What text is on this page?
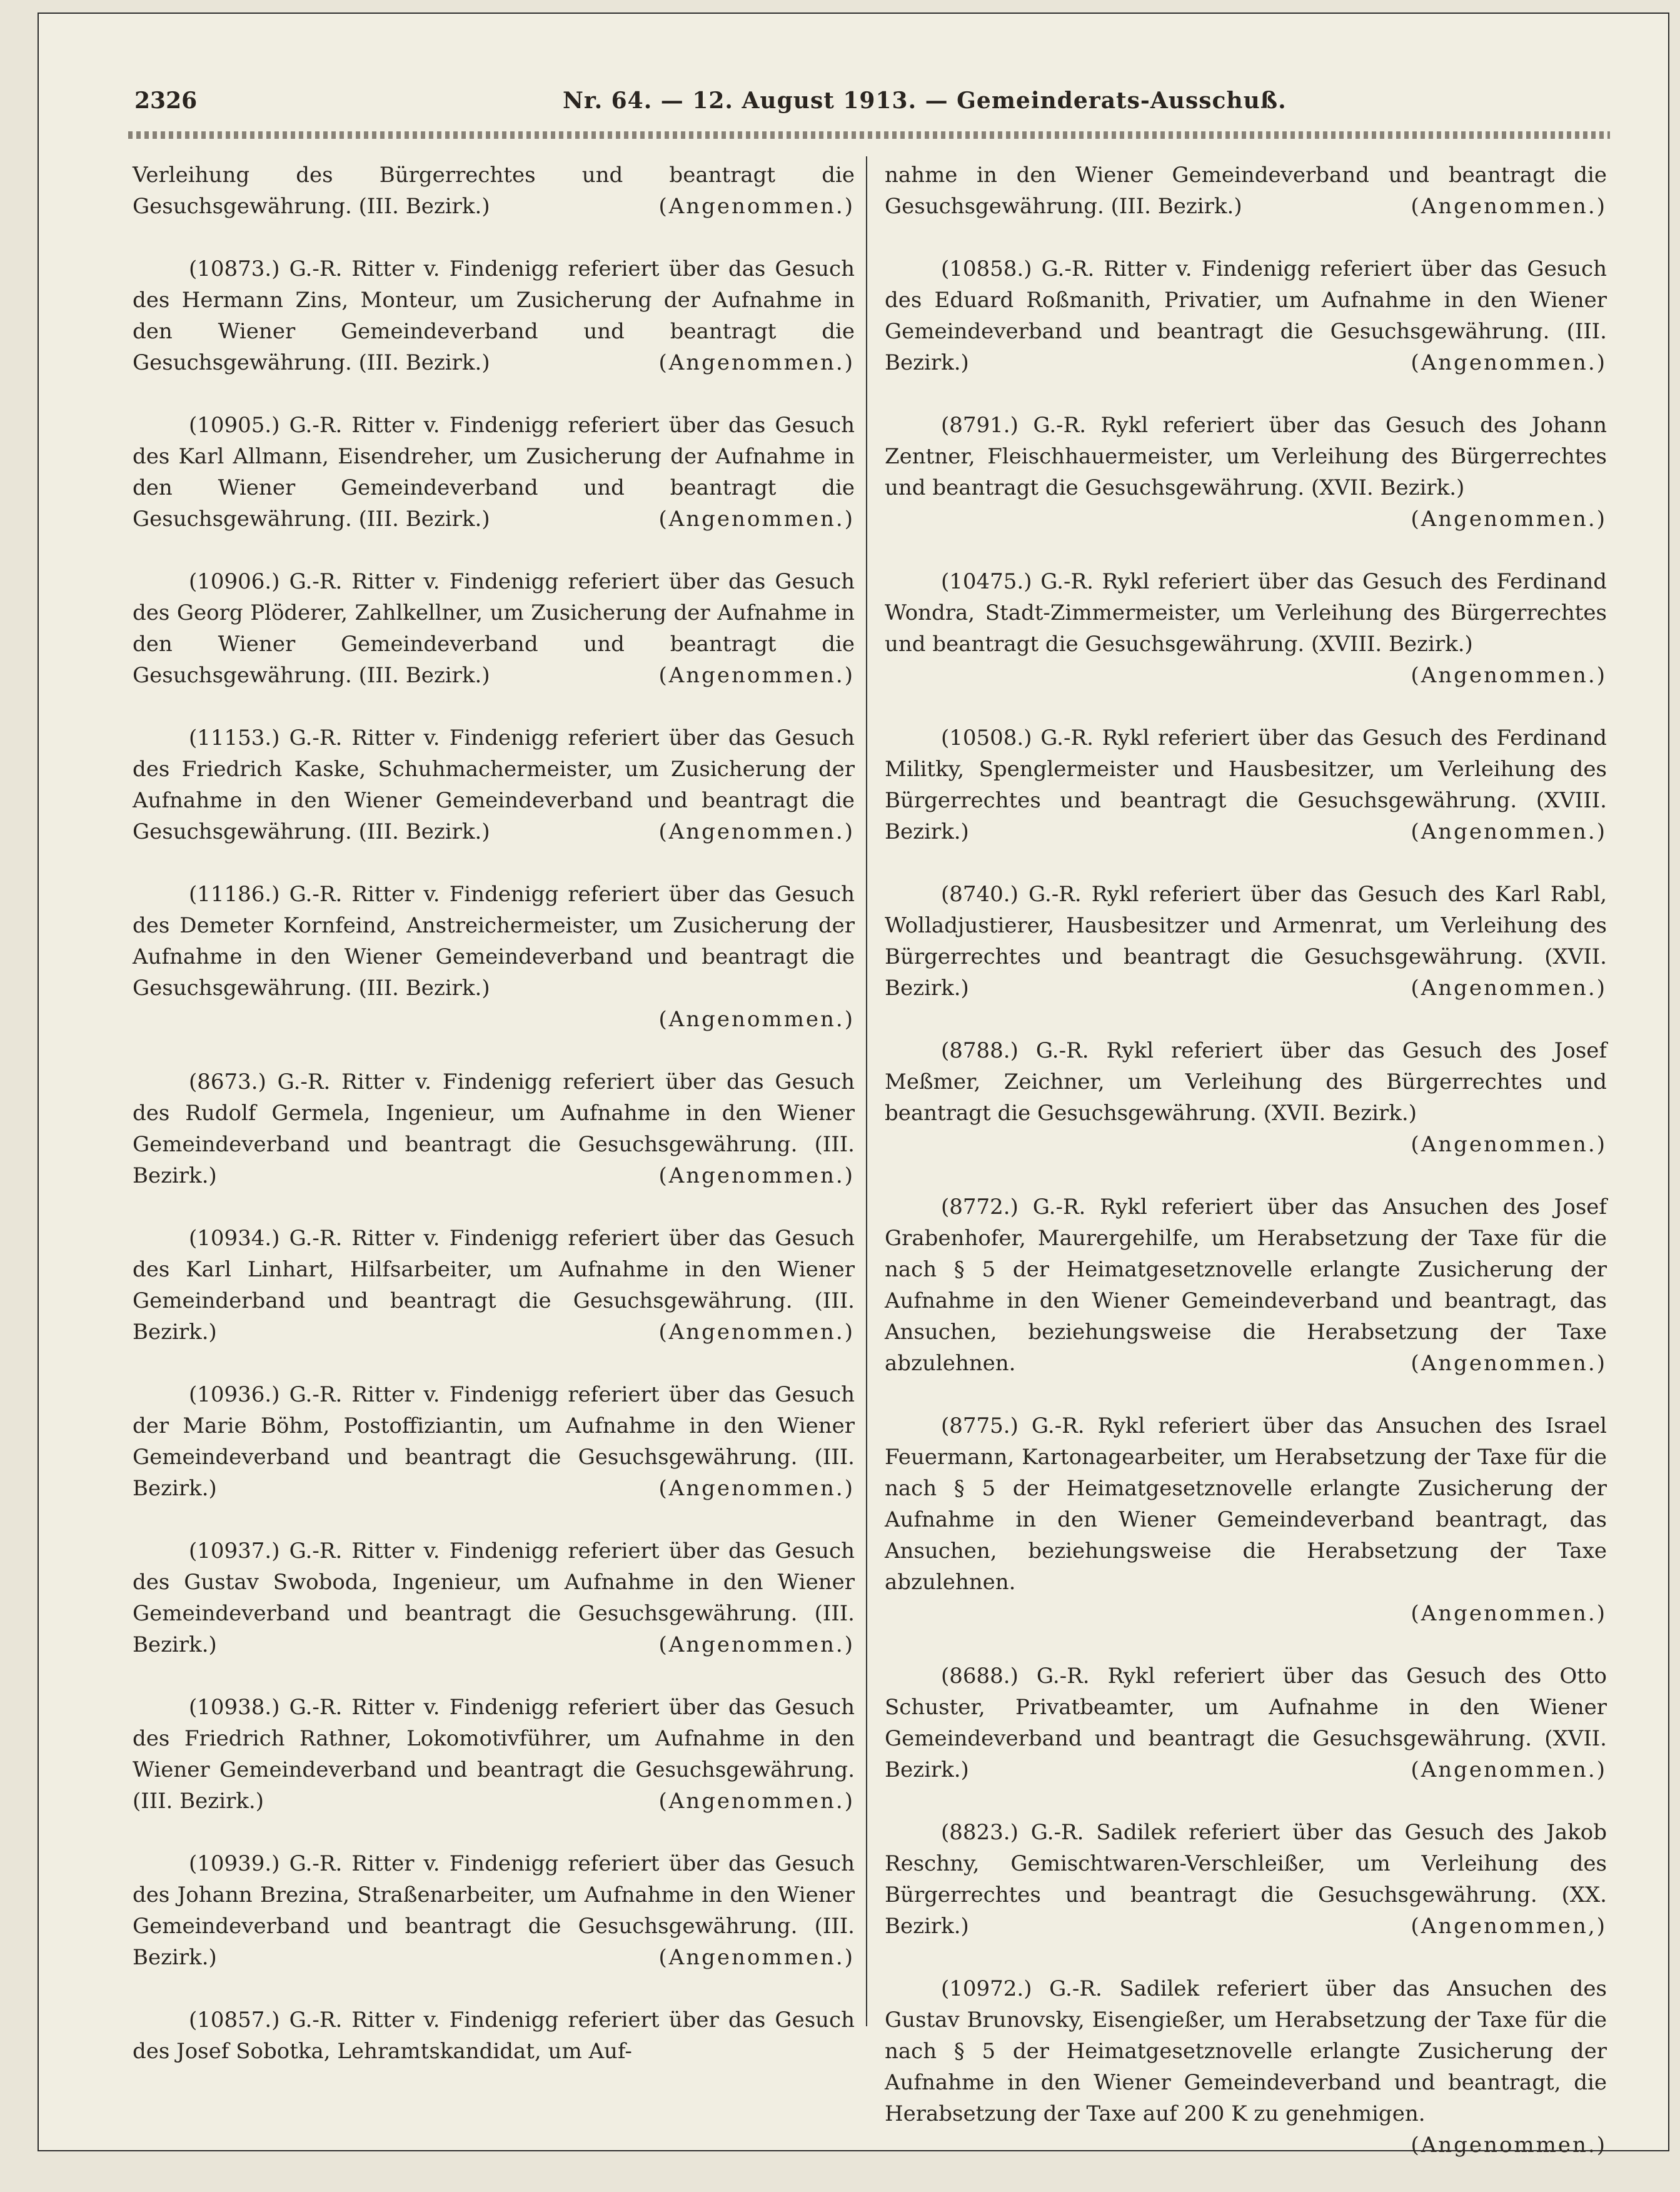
2326	Nr. 64. — 12. August 1913. — Gemeinderats-Ausschuß.

Verleihung des Bürgerrechtes und beantragt die Gesuchsgewährung. (III. Bezirk.)	(Angenommen.)

(10873.) G.-R. Ritter v. Findenigg referiert über das Gesuch des Hermann Zins, Monteur, um Zusicherung der Aufnahme in den Wiener Gemeindeverband und beantragt die Gesuchsgewährung. (III. Bezirk.)	(Angenommen.)

(10905.) G.-R. Ritter v. Findenigg referiert über das Gesuch des Karl Allmann, Eisendreher, um Zusicherung der Aufnahme in den Wiener Gemeindeverband und beantragt die Gesuchsgewährung. (III. Bezirk.)	(Angenommen.)

(10906.) G.-R. Ritter v. Findenigg referiert über das Gesuch des Georg Plöderer, Zahlkellner, um Zusicherung der Aufnahme in den Wiener Gemeindeverband und beantragt die Gesuchsgewährung. (III. Bezirk.)	(Angenommen.)

(11153.) G.-R. Ritter v. Findenigg referiert über das Gesuch des Friedrich Kaske, Schuhmachermeister, um Zusicherung der Aufnahme in den Wiener Gemeindeverband und beantragt die Gesuchsgewährung. (III. Bezirk.)	(Angenommen.)

(11186.) G.-R. Ritter v. Findenigg referiert über das Gesuch des Demeter Kornfeind, Anstreichermeister, um Zusicherung der Aufnahme in den Wiener Gemeindeverband und beantragt die Gesuchsgewährung. (III. Bezirk.)

(Angenommen.)

(8673.) G.-R. Ritter v. Findenigg referiert über das Gesuch des Rudolf Germela, Ingenieur, um Aufnahme in den Wiener Gemeindeverband und beantragt die Gesuchsgewährung. (III. Bezirk.)	(Angenommen.)

(10934.) G.-R. Ritter v. Findenigg referiert über das Gesuch des Karl Linhart, Hilfsarbeiter, um Aufnahme in den Wiener Gemeinderband und beantragt die Gesuchsgewährung. (III. Bezirk.)	(Angenommen.)

(10936.) G.-R. Ritter v. Findenigg referiert über das Gesuch der Marie Böhm, Postoffiziantin, um Aufnahme in den Wiener Gemeindeverband und beantragt die Gesuchsgewährung. (III. Bezirk.)	(Angenommen.)

(10937.) G.-R. Ritter v. Findenigg referiert über das Gesuch des Gustav Swoboda, Ingenieur, um Aufnahme in den Wiener Gemeindeverband und beantragt die Gesuchsgewährung. (III. Bezirk.)	(Angenommen.)

(10938.) G.-R. Ritter v. Findenigg referiert über das Gesuch des Friedrich Rathner, Lokomotivführer, um Aufnahme in den Wiener Gemeindeverband und beantragt die Gesuchsgewährung. (III. Bezirk.)	(Angenommen.)

(10939.) G.-R. Ritter v. Findenigg referiert über das Gesuch des Johann Brezina, Straßenarbeiter, um Aufnahme in den Wiener Gemeindeverband und beantragt die Gesuchsgewährung. (III. Bezirk.)	(Angenommen.)

(10857.) G.-R. Ritter v. Findenigg referiert über das Gesuch des Josef Sobotka, Lehramtskandidat, um Auf-

nahme in den Wiener Gemeindeverband und beantragt die Gesuchsgewährung. (III. Bezirk.)	(Angenommen.)

(10858.) G.-R. Ritter v. Findenigg referiert über das Gesuch des Eduard Roßmanith, Privatier, um Aufnahme in den Wiener Gemeindeverband und beantragt die Gesuchsgewährung. (III. Bezirk.)	(Angenommen.)

(8791.) G.-R. Rykl referiert über das Gesuch des Johann Zentner, Fleischhauermeister, um Verleihung des Bürgerrechtes und beantragt die Gesuchsgewährung. (XVII. Bezirk.)

(Angenommen.)

(10475.) G.-R. Rykl referiert über das Gesuch des Ferdinand Wondra, Stadt-Zimmermeister, um Verleihung des Bürgerrechtes und beantragt die Gesuchsgewährung. (XVIII. Bezirk.)

(Angenommen.)

(10508.) G.-R. Rykl referiert über das Gesuch des Ferdinand Militky, Spenglermeister und Hausbesitzer, um Verleihung des Bürgerrechtes und beantragt die Gesuchsgewährung. (XVIII. Bezirk.)	(Angenommen.)

(8740.) G.-R. Rykl referiert über das Gesuch des Karl Rabl, Wolladjustierer, Hausbesitzer und Armenrat, um Verleihung des Bürgerrechtes und beantragt die Gesuchsgewährung. (XVII. Bezirk.)	(Angenommen.)

(8788.) G.-R. Rykl referiert über das Gesuch des Josef Meßmer, Zeichner, um Verleihung des Bürgerrechtes und beantragt die Gesuchsgewährung. (XVII. Bezirk.)

(Angenommen.)

(8772.) G.-R. Rykl referiert über das Ansuchen des Josef Grabenhofer, Maurergehilfe, um Herabsetzung der Taxe für die nach § 5 der Heimatgesetznovelle erlangte Zusicherung der Aufnahme in den Wiener Gemeindeverband und beantragt, das Ansuchen, beziehungsweise die Herabsetzung der Taxe abzulehnen.	(Angenommen.)

(8775.) G.-R. Rykl referiert über das Ansuchen des Israel Feuermann, Kartonagearbeiter, um Herabsetzung der Taxe für die nach § 5 der Heimatgesetznovelle erlangte Zusicherung der Aufnahme in den Wiener Gemeindeverband beantragt, das Ansuchen, beziehungsweise die Herabsetzung der Taxe abzulehnen.

(Angenommen.)

(8688.) G.-R. Rykl referiert über das Gesuch des Otto Schuster, Privatbeamter, um Aufnahme in den Wiener Gemeindeverband und beantragt die Gesuchsgewährung. (XVII. Bezirk.)	(Angenommen.)

(8823.) G.-R. Sadilek referiert über das Gesuch des Jakob Reschny, Gemischtwaren-Verschleißer, um Verleihung des Bürgerrechtes und beantragt die Gesuchsgewährung. (XX. Bezirk.)	(Angenommen,)

(10972.) G.-R. Sadilek referiert über das Ansuchen des Gustav Brunovsky, Eisengießer, um Herabsetzung der Taxe für die nach § 5 der Heimatgesetznovelle erlangte Zusicherung der Aufnahme in den Wiener Gemeindeverband und beantragt, die Herabsetzung der Taxe auf 200 K zu genehmigen.
(Angenommen.)
